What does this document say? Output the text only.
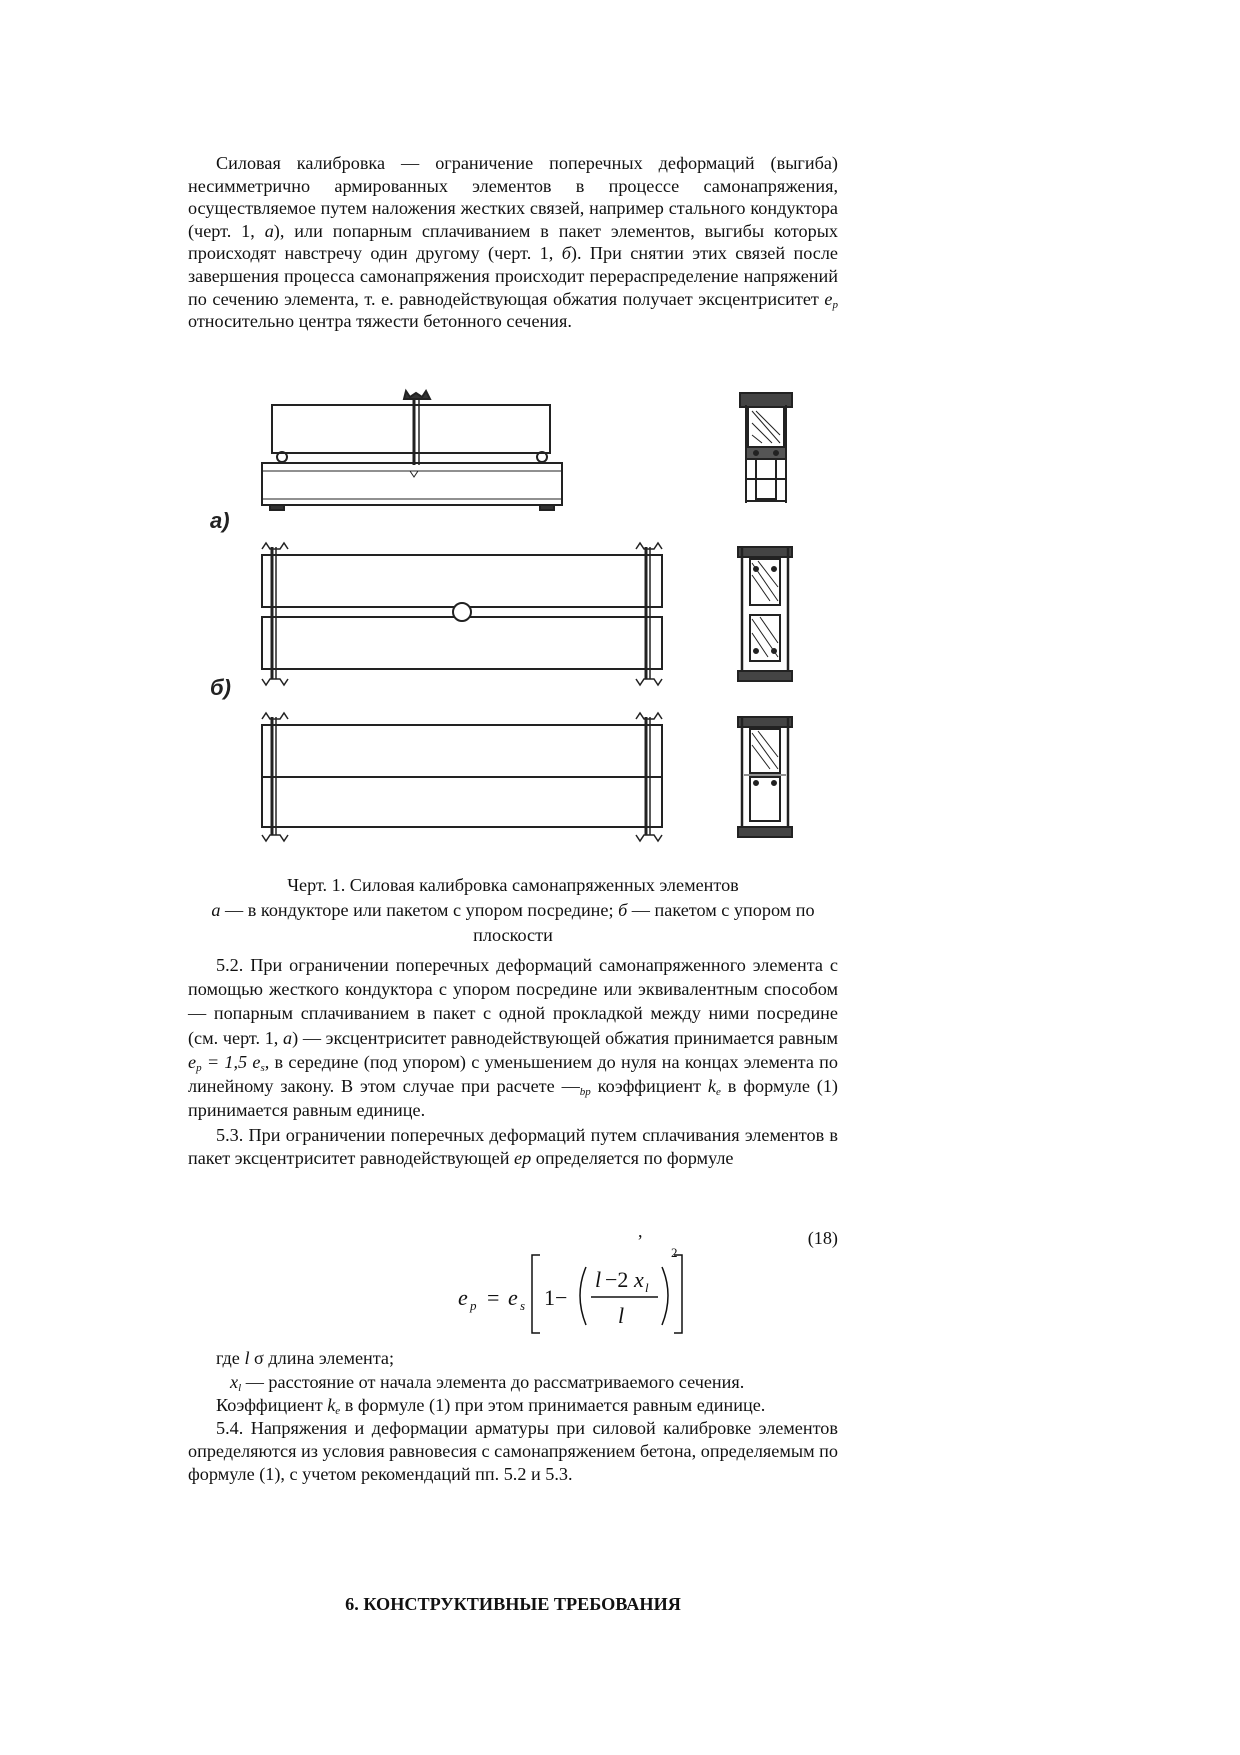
Силовая калибровка — ограничение поперечных деформаций (выгиба) несимметрично армированных элементов в процессе самонапряжения, осуществляемое путем наложения жестких связей, например стального кондуктора (черт. 1, а), или попарным сплачиванием в пакет элементов, выгибы которых происходят навстречу один другому (черт. 1, б). При снятии этих связей после завершения процесса самонапряжения происходит перераспределение напряжений по сечению элемента, т. е. равнодействующая обжатия получает эксцентриситет $e_p$ относительно центра тяжести бетонного сечения.

а)
б)
Черт. 1. Силовая калибровка самонапряженных элементов
а — в кондукторе или пакетом с упором посредине; б — пакетом с упором по плоскости

5.2. При ограничении поперечных деформаций самонапряженного элемента с помощью жесткого кондуктора с упором посредине или эквивалентным способом — попарным сплачиванием в пакет с одной прокладкой между ними посредине (см. черт. 1, а) — эксцентриситет равнодействующей обжатия принимается равным $e_p = 1,5$ $e_s$, в середине (под упором) с уменьшением до нуля на концах элемента по линейному закону. В этом случае при расчете $—_{bp}$ коэффициент $k_e$ в формуле (1) принимается равным единице.

5.3. При ограничении поперечных деформаций путем сплачивания элементов в пакет эксцентриситет равнодействующей ep определяется по формуле

(18)
,
e p = e s 1−
l −2 x l
l
2

где l σ длина элемента;

$x_l$ — расстояние от начала элемента до рассматриваемого сечения.

Коэффициент $k_e$ в формуле (1) при этом принимается равным единице.

5.4. Напряжения и деформации арматуры при силовой калибровке элементов определяются из условия равновесия с самонапряжением бетона, определяемым по формуле (1), с учетом рекомендаций пп. 5.2 и 5.3.

6. КОНСТРУКТИВНЫЕ ТРЕБОВАНИЯ
